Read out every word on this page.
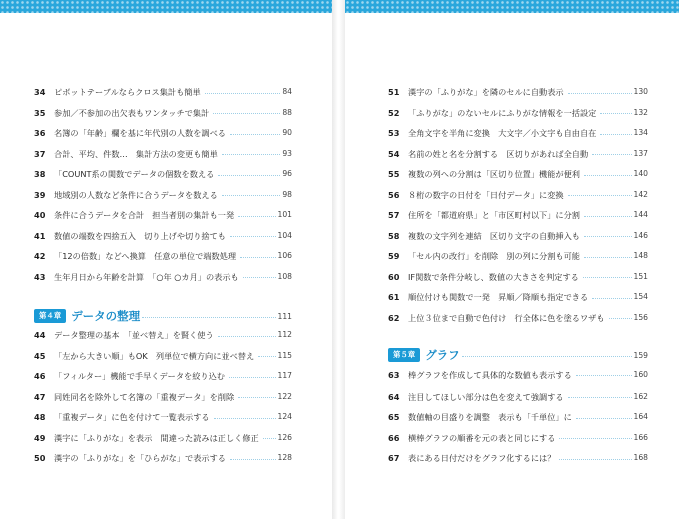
34	ピボットテーブルならクロス集計も簡単	84
35	参加／不参加の出欠表もワンタッチで集計	88
36	名簿の「年齢」欄を基に年代別の人数を調べる	90
37	合計、平均、件数…　集計方法の変更も簡単	93
38	「COUNT系の関数でデータの個数を数える	96
39	地域別の人数など条件に合うデータを数える	98
40	条件に合うデータを合計　担当者別の集計も一発	101
41	数値の端数を四捨五入　切り上げや切り捨ても	104
42	「12の倍数」などへ換算　任意の単位で端数処理	106
43	生年月日から年齢を計算　「○年 ○カ月」の表示も	108
第４章 データの整理	111
44	データ整理の基本　「並べ替え」を賢く使う	112
45	「左から大きい順」もOK　列単位で横方向に並べ替え	115
46	「フィルター」機能で手早くデータを絞り込む	117
47	同姓同名を除外して名簿の「重複データ」を削除	122
48	「重複データ」に色を付けて一覧表示する	124
49	漢字に「ふりがな」を表示　間違った読みは正しく修正 126
50	漢字の「ふりがな」を「ひらがな」で表示する	128
51	漢字の「ふりがな」を隣のセルに自動表示	130
52	「ふりがな」のないセルにふりがな情報を一括設定	132
53	全角文字を半角に変換　大文字／小文字も自由自在	134
54	名前の姓と名を分割する　区切りがあれば全自動	137
55	複数の列への分割は「区切り位置」機能が便利	140
56	８桁の数字の日付を「日付データ」に変換	142
57	住所を「都道府県」と「市区町村以下」に分割	144
58	複数の文字列を連結　区切り文字の自動挿入も	146
59	「セル内の改行」を削除　別の列に分割も可能	148
60	IF関数で条件分岐し、数値の大きさを判定する	151
61	順位付けも関数で一発　昇順／降順も指定できる	154
62	上位３位まで自動で色付け　行全体に色を塗るワザも	156
第５章 グラフ	159
63	棒グラフを作成して具体的な数値も表示する	160
64	注目してほしい部分は色を変えて強調する	162
65	数値軸の目盛りを調整　表示も「千単位」に	164
66	横棒グラフの順番を元の表と同じにする	166
67	表にある日付だけをグラフ化するには？	168
